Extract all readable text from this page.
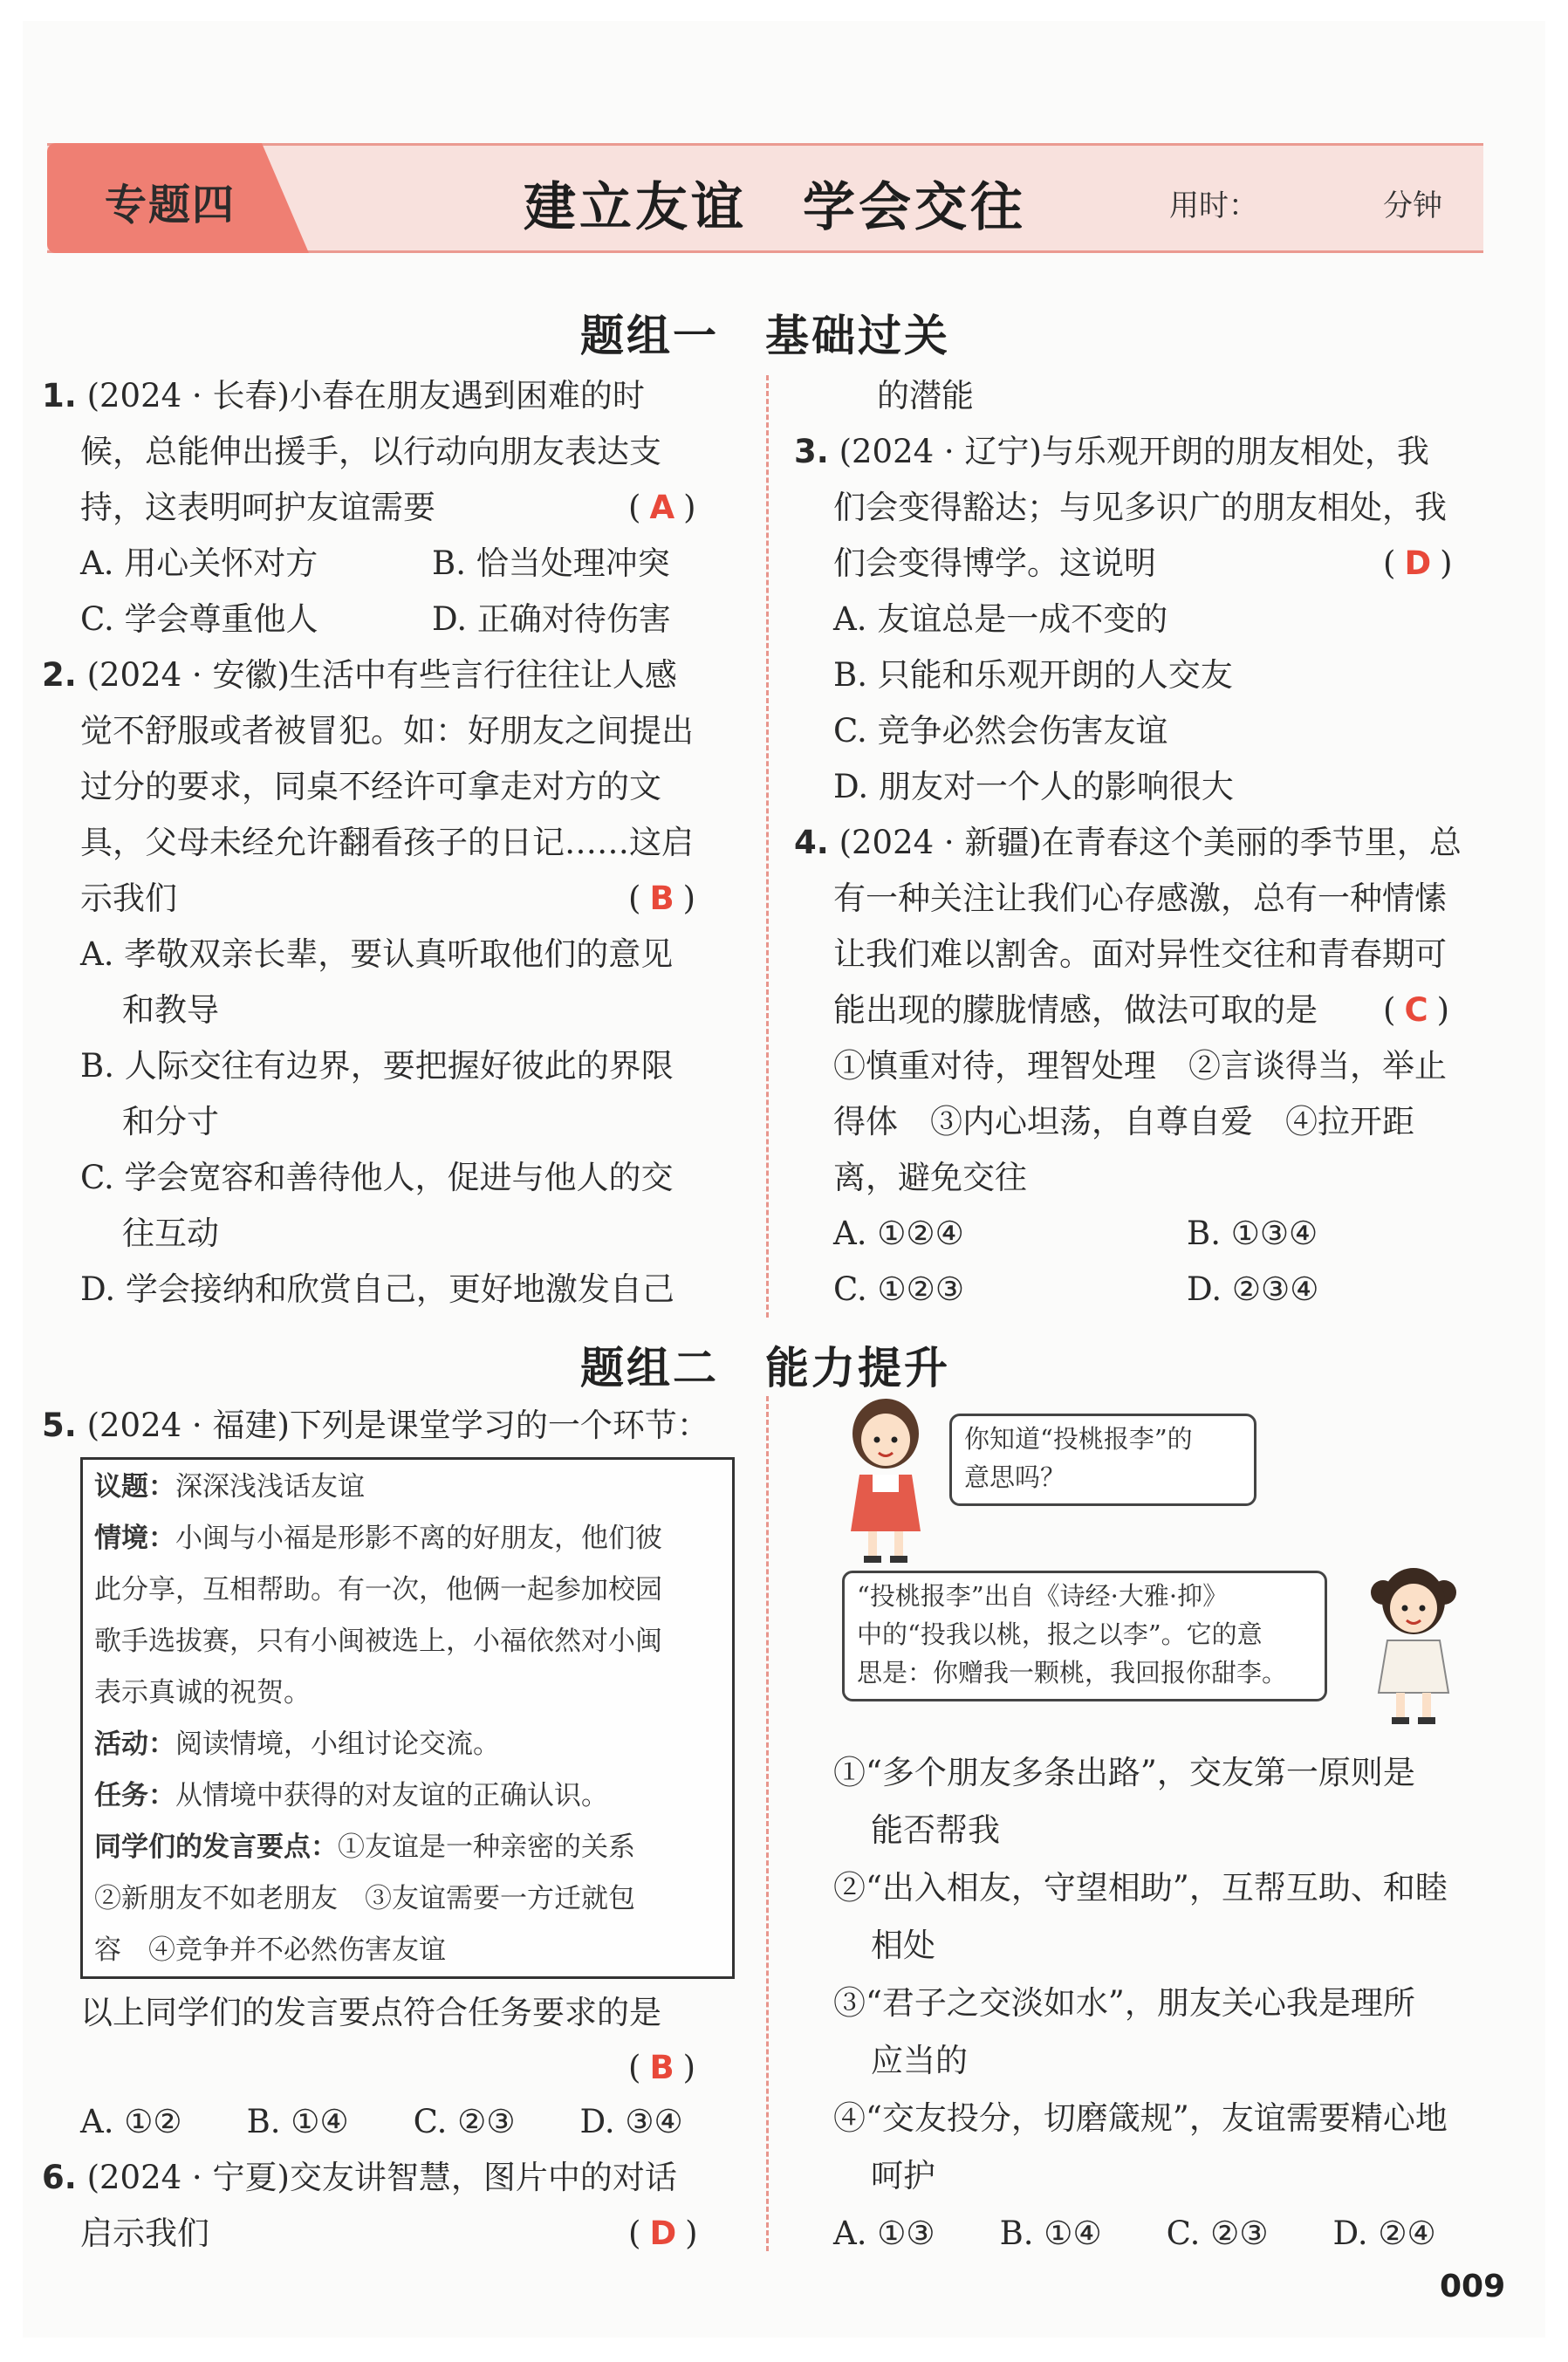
专题四	建立友谊　学会交往	用时：	分钟
题组一　基础过关
1. (2024 · 长春)小春在朋友遇到困难的时
候，总能伸出援手，以行动向朋友表达支
持，这表明呵护友谊需要	( A )
A. 用心关怀对方	B. 恰当处理冲突
C. 学会尊重他人	D. 正确对待伤害
2. (2024 · 安徽)生活中有些言行往往让人感
觉不舒服或者被冒犯。如：好朋友之间提出
过分的要求，同桌不经许可拿走对方的文
具，父母未经允许翻看孩子的日记……这启
示我们	( B )
A. 孝敬双亲长辈，要认真听取他们的意见
和教导
B. 人际交往有边界，要把握好彼此的界限
和分寸
C. 学会宽容和善待他人，促进与他人的交
往互动
D. 学会接纳和欣赏自己，更好地激发自己
的潜能
3. (2024 · 辽宁)与乐观开朗的朋友相处，我
们会变得豁达；与见多识广的朋友相处，我
们会变得博学。这说明	( D )
A. 友谊总是一成不变的
B. 只能和乐观开朗的人交友
C. 竞争必然会伤害友谊
D. 朋友对一个人的影响很大
4. (2024 · 新疆)在青春这个美丽的季节里，总
有一种关注让我们心存感激，总有一种情愫
让我们难以割舍。面对异性交往和青春期可
能出现的朦胧情感，做法可取的是 ( C )
①慎重对待，理智处理　②言谈得当，举止
得体　③内心坦荡，自尊自爱　④拉开距
离，避免交往
A. ①②④	B. ①③④
C. ①②③	D. ②③④
题组二　能力提升
5. (2024 · 福建)下列是课堂学习的一个环节：
议题：深深浅浅话友谊
情境：小闽与小福是形影不离的好朋友，他们彼
此分享，互相帮助。有一次，他俩一起参加校园
歌手选拔赛，只有小闽被选上，小福依然对小闽
表示真诚的祝贺。
活动：阅读情境，小组讨论交流。
任务：从情境中获得的对友谊的正确认识。
同学们的发言要点：①友谊是一种亲密的关系
②新朋友不如老朋友　③友谊需要一方迁就包
容　④竞争并不必然伤害友谊
以上同学们的发言要点符合任务要求的是
( B )
A. ①②　　B. ①④　　C. ②③　　D. ③④
6. (2024 · 宁夏)交友讲智慧，图片中的对话
启示我们	( D )
你知道“投桃报李”的
意思吗？
“投桃报李”出自《诗经·大雅·抑》
中的“投我以桃，报之以李”。它的意
思是：你赠我一颗桃，我回报你甜李。
①“多个朋友多条出路”，交友第一原则是
能否帮我
②“出入相友，守望相助”，互帮互助、和睦
相处
③“君子之交淡如水”，朋友关心我是理所
应当的
④“交友投分，切磨箴规”，友谊需要精心地
呵护
A. ①③　　B. ①④　　C. ②③　　D. ②④
009
